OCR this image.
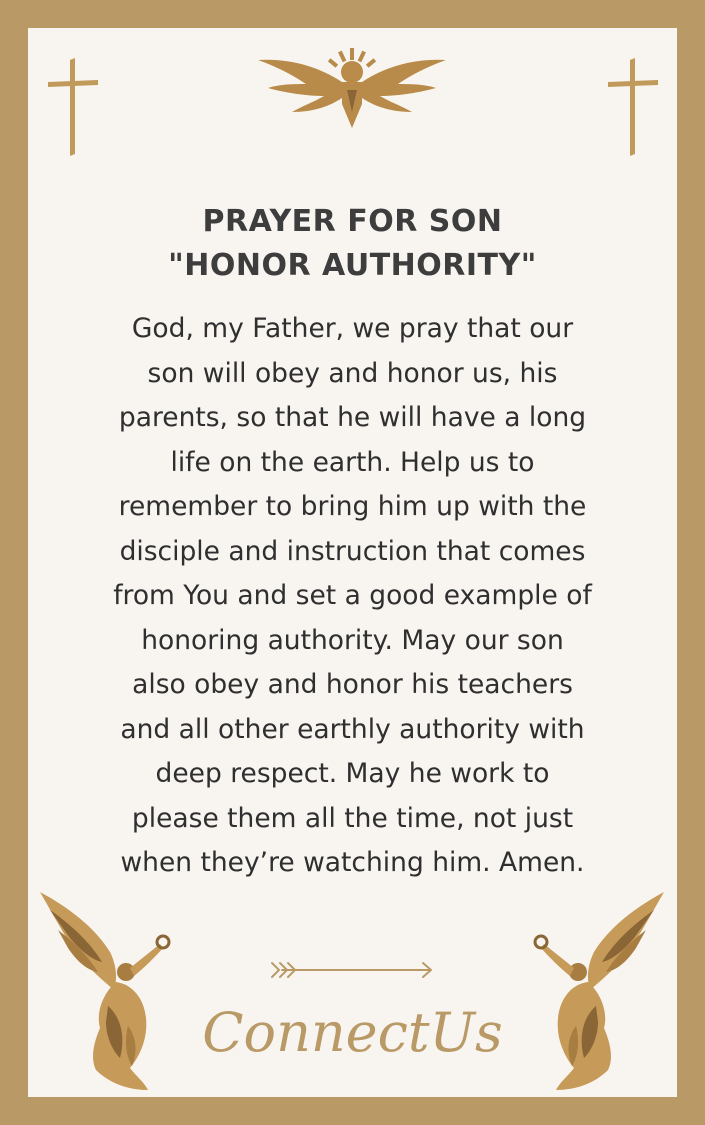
PRAYER FOR SON
"HONOR AUTHORITY"

God, my Father, we pray that our
son will obey and honor us, his
parents, so that he will have a long
life on the earth. Help us to
remember to bring him up with the
disciple and instruction that comes
from You and set a good example of
honoring authority. May our son
also obey and honor his teachers
and all other earthly authority with
deep respect. May he work to
please them all the time, not just
when they’re watching him. Amen.

ConnectUs
